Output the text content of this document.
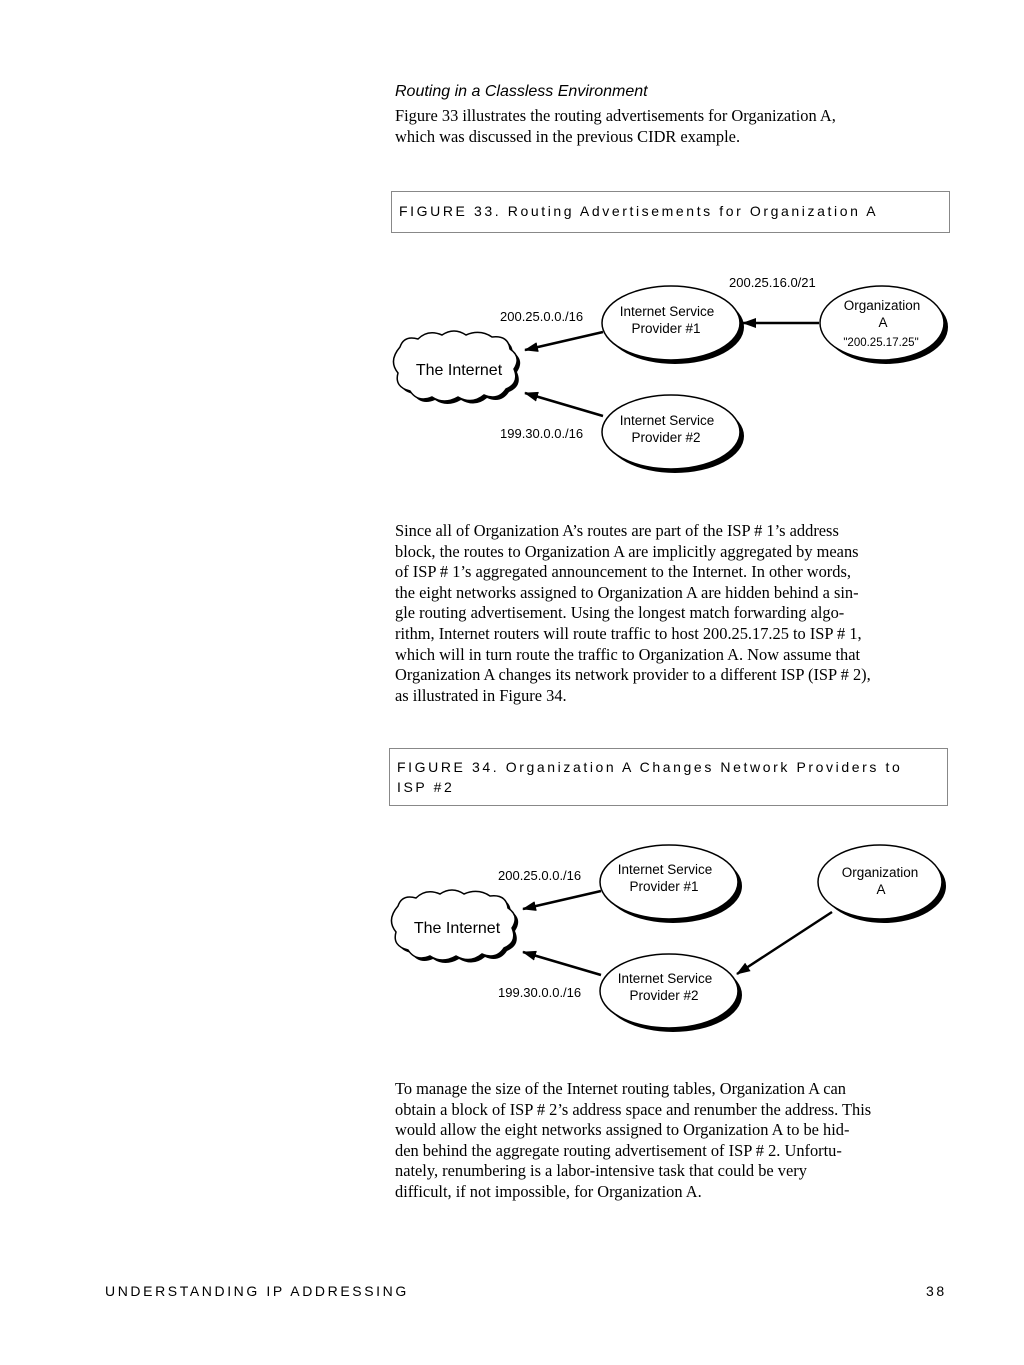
Routing in a Classless Environment

Figure 33 illustrates the routing advertisements for Organization A,
which was discussed in the previous CIDR example.

FIGURE 33. Routing Advertisements for Organization A
The Internet
Internet Service
Provider #1
Internet Service
Provider #2
Organization
A
"200.25.17.25"
200.25.0.0./16
199.30.0.0./16
200.25.16.0/21

Since all of Organization A’s routes are part of the ISP # 1’s address
block, the routes to Organization A are implicitly aggregated by means
of ISP # 1’s aggregated announcement to the Internet. In other words,
the eight networks assigned to Organization A are hidden behind a sin-
gle routing advertisement. Using the longest match forwarding algo-
rithm, Internet routers will route traffic to host 200.25.17.25 to ISP # 1,
which will in turn route the traffic to Organization A. Now assume that
Organization A changes its network provider to a different ISP (ISP # 2),
as illustrated in Figure 34.

FIGURE 34. Organization A Changes Network Providers to
ISP #2
The Internet
Internet Service
Provider #1
Internet Service
Provider #2
Organization
A
200.25.0.0./16
199.30.0.0./16

To manage the size of the Internet routing tables, Organization A can
obtain a block of ISP # 2’s address space and renumber the address. This
would allow the eight networks assigned to Organization A to be hid-
den behind the aggregate routing advertisement of ISP # 2. Unfortu-
nately, renumbering is a labor-intensive task that could be very
difficult, if not impossible, for Organization A.

UNDERSTANDING IP ADDRESSING	38
